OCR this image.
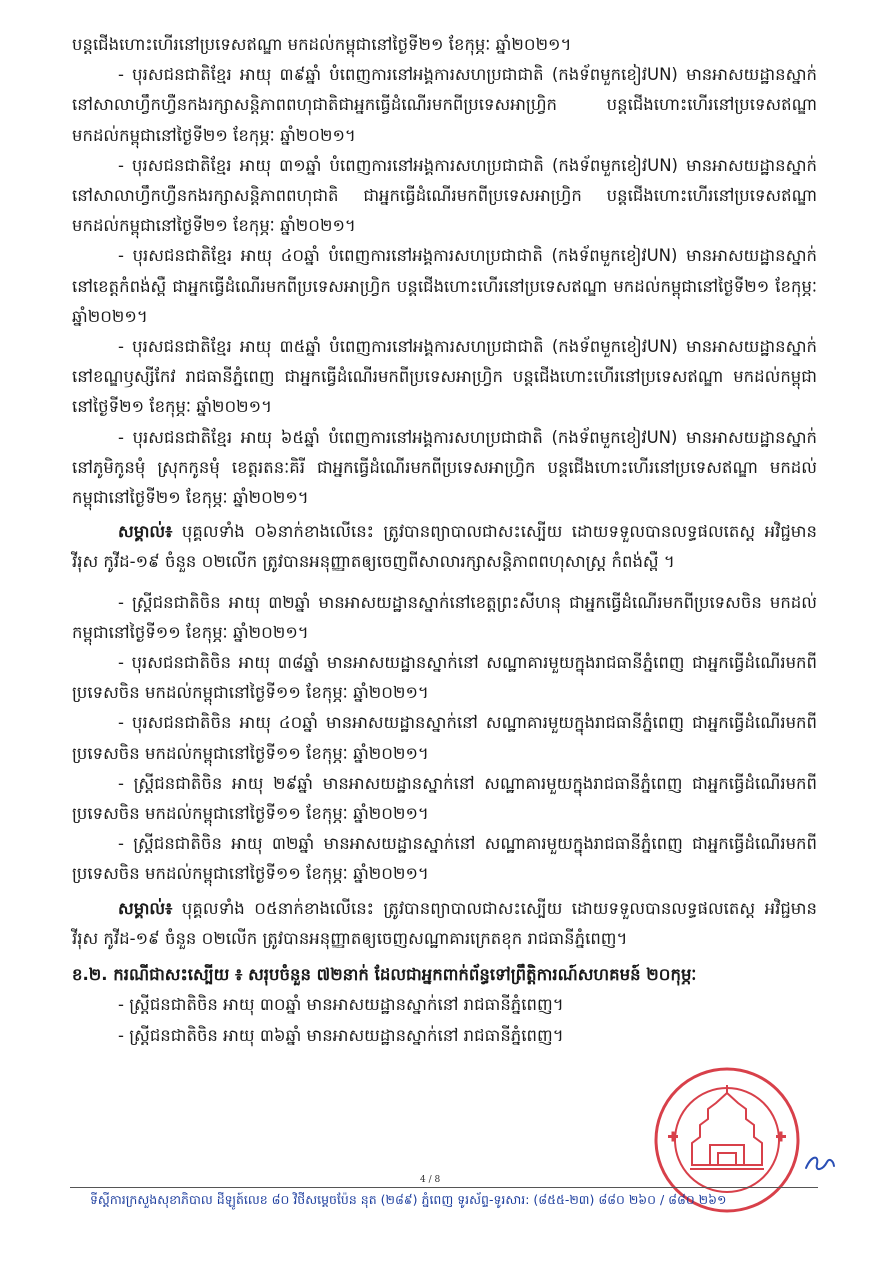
បន្តជើងហោះហើរនៅប្រទេសឥណ្ឌា មកដល់កម្ពុជានៅថ្ងៃទី២១ ខែកុម្ភៈ ឆ្នាំ២០២១។

- បុរសជនជាតិខ្មែរ អាយុ ៣៩ឆ្នាំ បំពេញការនៅអង្គការសហប្រជាជាតិ (កងទ័ពមួកខៀវUN) មានអាសយដ្ឋានស្នាក់នៅសាលាហ្វឹកហ្វឺនកងរក្សាសន្តិភាពពហុជាតិជាអ្នកធ្វើដំណើរមកពីប្រទេសអាហ្វ្រិក បន្តជើងហោះហើរនៅប្រទេសឥណ្ឌា មកដល់កម្ពុជានៅថ្ងៃទី២១ ខែកុម្ភៈ ឆ្នាំ២០២១។

- បុរសជនជាតិខ្មែរ អាយុ ៣១ឆ្នាំ បំពេញការនៅអង្គការសហប្រជាជាតិ (កងទ័ពមួកខៀវUN) មានអាសយដ្ឋានស្នាក់នៅសាលាហ្វឹកហ្វឺនកងរក្សាសន្តិភាពពហុជាតិ ជាអ្នកធ្វើដំណើរមកពីប្រទេសអាហ្វ្រិក បន្តជើងហោះហើរនៅប្រទេសឥណ្ឌា មកដល់កម្ពុជានៅថ្ងៃទី២១ ខែកុម្ភៈ ឆ្នាំ២០២១។

- បុរសជនជាតិខ្មែរ អាយុ ៤០ឆ្នាំ បំពេញការនៅអង្គការសហប្រជាជាតិ (កងទ័ពមួកខៀវUN) មានអាសយដ្ឋានស្នាក់នៅខេត្តកំពង់ស្ពឺ ជាអ្នកធ្វើដំណើរមកពីប្រទេសអាហ្វ្រិក បន្តជើងហោះហើរនៅប្រទេសឥណ្ឌា មកដល់កម្ពុជានៅថ្ងៃទី២១ ខែកុម្ភៈ ឆ្នាំ២០២១។

- បុរសជនជាតិខ្មែរ អាយុ ៣៥ឆ្នាំ បំពេញការនៅអង្គការសហប្រជាជាតិ (កងទ័ពមួកខៀវUN) មានអាសយដ្ឋានស្នាក់នៅខណ្ឌឫស្សីកែវ រាជធានីភ្នំពេញ ជាអ្នកធ្វើដំណើរមកពីប្រទេសអាហ្វ្រិក បន្តជើងហោះហើរនៅប្រទេសឥណ្ឌា មកដល់កម្ពុជានៅថ្ងៃទី២១ ខែកុម្ភៈ ឆ្នាំ២០២១។

- បុរសជនជាតិខ្មែរ អាយុ ៦៥ឆ្នាំ បំពេញការនៅអង្គការសហប្រជាជាតិ (កងទ័ពមួកខៀវUN) មានអាសយដ្ឋានស្នាក់នៅភូមិកូនមុំ ស្រុកកូនមុំ ខេត្តរតនៈគិរី ជាអ្នកធ្វើដំណើរមកពីប្រទេសអាហ្វ្រិក បន្តជើងហោះហើរនៅប្រទេសឥណ្ឌា មកដល់កម្ពុជានៅថ្ងៃទី២១ ខែកុម្ភៈ ឆ្នាំ២០២១។

សម្គាល់៖ បុគ្គលទាំង ០៦នាក់ខាងលើនេះ ត្រូវបានព្យាបាលជាសះស្បើយ ដោយទទួលបានលទ្ធផលតេស្ត អវិជ្ជមានវីរុស កូវីដ-១៩ ចំនួន ០២លើក ត្រូវបានអនុញ្ញាតឲ្យចេញពីសាលារក្សាសន្តិភាពពហុសាស្ត្រ កំពង់ស្ពឺ ។

- ស្ត្រីជនជាតិចិន អាយុ ៣២ឆ្នាំ មានអាសយដ្ឋានស្នាក់នៅខេត្តព្រះសីហនុ ជាអ្នកធ្វើដំណើរមកពីប្រទេសចិន មកដល់កម្ពុជានៅថ្ងៃទី១១ ខែកុម្ភៈ ឆ្នាំ២០២១។

- បុរសជនជាតិចិន អាយុ ៣៨ឆ្នាំ មានអាសយដ្ឋានស្នាក់នៅ សណ្ឋាគារមួយក្នុងរាជធានីភ្នំពេញ ជាអ្នកធ្វើដំណើរមកពីប្រទេសចិន មកដល់កម្ពុជានៅថ្ងៃទី១១ ខែកុម្ភៈ ឆ្នាំ២០២១។

- បុរសជនជាតិចិន អាយុ ៤០ឆ្នាំ មានអាសយដ្ឋានស្នាក់នៅ សណ្ឋាគារមួយក្នុងរាជធានីភ្នំពេញ ជាអ្នកធ្វើដំណើរមកពីប្រទេសចិន មកដល់កម្ពុជានៅថ្ងៃទី១១ ខែកុម្ភៈ ឆ្នាំ២០២១។

- ស្ត្រីជនជាតិចិន អាយុ ២៩ឆ្នាំ មានអាសយដ្ឋានស្នាក់នៅ សណ្ឋាគារមួយក្នុងរាជធានីភ្នំពេញ ជាអ្នកធ្វើដំណើរមកពីប្រទេសចិន មកដល់កម្ពុជានៅថ្ងៃទី១១ ខែកុម្ភៈ ឆ្នាំ២០២១។

- ស្ត្រីជនជាតិចិន អាយុ ៣២ឆ្នាំ មានអាសយដ្ឋានស្នាក់នៅ សណ្ឋាគារមួយក្នុងរាជធានីភ្នំពេញ ជាអ្នកធ្វើដំណើរមកពីប្រទេសចិន មកដល់កម្ពុជានៅថ្ងៃទី១១ ខែកុម្ភៈ ឆ្នាំ២០២១។

សម្គាល់៖ បុគ្គលទាំង ០៥នាក់ខាងលើនេះ ត្រូវបានព្យាបាលជាសះស្បើយ ដោយទទួលបានលទ្ធផលតេស្ត អវិជ្ជមានវីរុស កូវីដ-១៩ ចំនួន ០២លើក ត្រូវបានអនុញ្ញាតឲ្យចេញសណ្ឋាគារក្រេតខុក រាជធានីភ្នំពេញ។

ខ.២. ករណីជាសះស្បើយ ៖ សរុបចំនួន ៧២នាក់ ដែលជាអ្នកពាក់ព័ន្ធទៅព្រឹត្តិការណ៍សហគមន៍ ២០កុម្ភៈ

- ស្ត្រីជនជាតិចិន អាយុ ៣០ឆ្នាំ មានអាសយដ្ឋានស្នាក់នៅ រាជធានីភ្នំពេញ។

- ស្ត្រីជនជាតិចិន អាយុ ៣៦ឆ្នាំ មានអាសយដ្ឋានស្នាក់នៅ រាជធានីភ្នំពេញ។

4 / 8
ទីស្តីការក្រសួងសុខាភិបាល ដីឡូត៍លេខ ៨០ វិថីសម្តេចប៉ែន នុត (២៨៩) ភ្នំពេញ ទូរស័ព្ទ-ទូរសារ: (៨៥៥-២៣) ៨៨០ ២៦០ / ៨៨០ ២៦១
